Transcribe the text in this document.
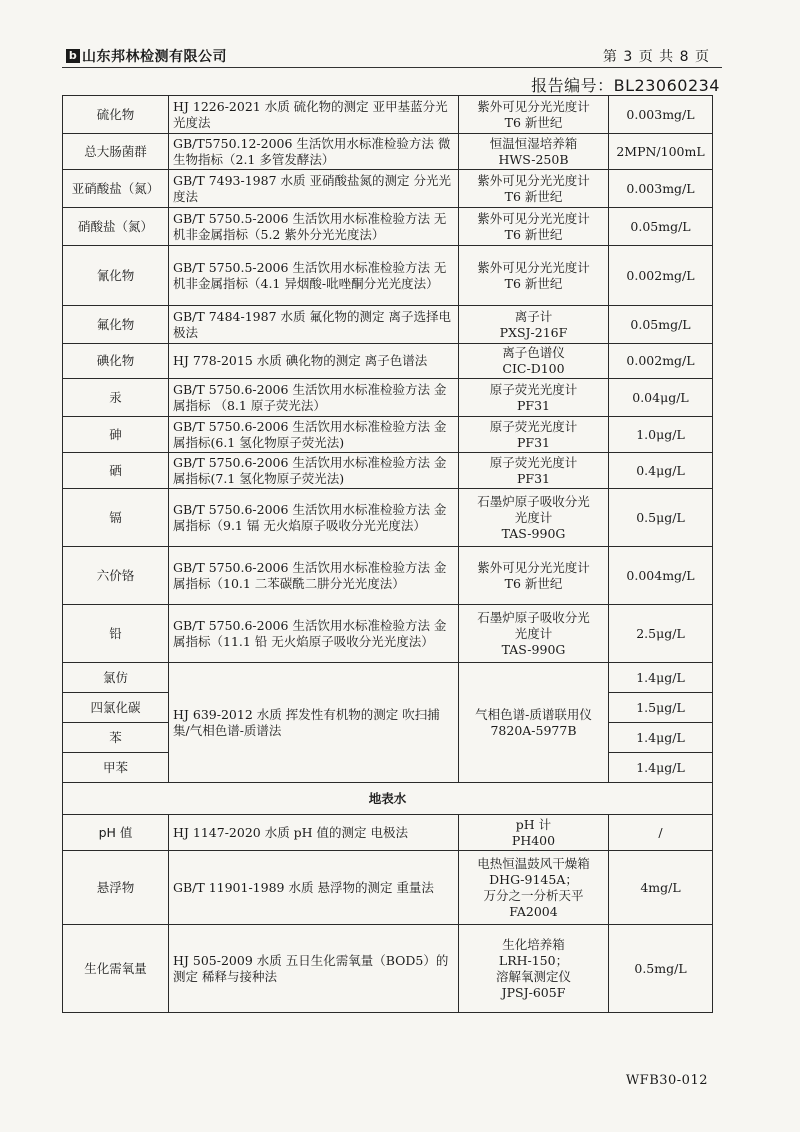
b 山东邦林检测有限公司	第 3 页 共 8 页
报告编号：BL23060234
硫化物	HJ 1226-2021 水质 硫化物的测定 亚甲基蓝分光光度法	紫外可见分光光度计
T6 新世纪	0.003mg/L
总大肠菌群	GB/T5750.12-2006 生活饮用水标准检验方法 微生物指标（2.1 多管发酵法）	恒温恒湿培养箱
HWS-250B	2MPN/100mL
亚硝酸盐（氮）	GB/T 7493-1987 水质 亚硝酸盐氮的测定 分光光度法	紫外可见分光光度计
T6 新世纪	0.003mg/L
硝酸盐（氮）	GB/T 5750.5-2006 生活饮用水标准检验方法 无机非金属指标（5.2 紫外分光光度法）	紫外可见分光光度计
T6 新世纪	0.05mg/L
氰化物	GB/T 5750.5-2006 生活饮用水标准检验方法 无机非金属指标（4.1 异烟酸-吡唑酮分光光度法）	紫外可见分光光度计
T6 新世纪	0.002mg/L
氟化物	GB/T 7484-1987 水质 氟化物的测定 离子选择电极法	离子计
PXSJ-216F	0.05mg/L
碘化物	HJ 778-2015 水质 碘化物的测定 离子色谱法	离子色谱仪
CIC-D100	0.002mg/L
汞	GB/T 5750.6-2006 生活饮用水标准检验方法 金属指标 （8.1 原子荧光法）	原子荧光光度计
PF31	0.04μg/L
砷	GB/T 5750.6-2006 生活饮用水标准检验方法 金属指标(6.1 氢化物原子荧光法)	原子荧光光度计
PF31	1.0μg/L
硒	GB/T 5750.6-2006 生活饮用水标准检验方法 金属指标(7.1 氢化物原子荧光法)	原子荧光光度计
PF31	0.4μg/L
镉	GB/T 5750.6-2006 生活饮用水标准检验方法 金属指标（9.1 镉 无火焰原子吸收分光光度法）	石墨炉原子吸收分光
光度计
TAS-990G	0.5μg/L
六价铬	GB/T 5750.6-2006 生活饮用水标准检验方法 金属指标（10.1 二苯碳酰二肼分光光度法）	紫外可见分光光度计
T6 新世纪	0.004mg/L
铅	GB/T 5750.6-2006 生活饮用水标准检验方法 金属指标（11.1 铅 无火焰原子吸收分光光度法）	石墨炉原子吸收分光
光度计
TAS-990G	2.5μg/L
氯仿	HJ 639-2012 水质 挥发性有机物的测定 吹扫捕集/气相色谱-质谱法	气相色谱-质谱联用仪
7820A-5977B	1.4μg/L
四氯化碳			1.5μg/L
苯			1.4μg/L
甲苯			1.4μg/L
地表水			
pH 值	HJ 1147-2020 水质 pH 值的测定 电极法	pH 计
PH400	/
悬浮物	GB/T 11901-1989 水质 悬浮物的测定 重量法	电热恒温鼓风干燥箱
DHG-9145A；
万分之一分析天平
FA2004	4mg/L
生化需氧量	HJ 505-2009 水质 五日生化需氧量（BOD5）的测定 稀释与接种法	生化培养箱
LRH-150；
溶解氧测定仪
JPSJ-605F	0.5mg/L
WFB30-012
